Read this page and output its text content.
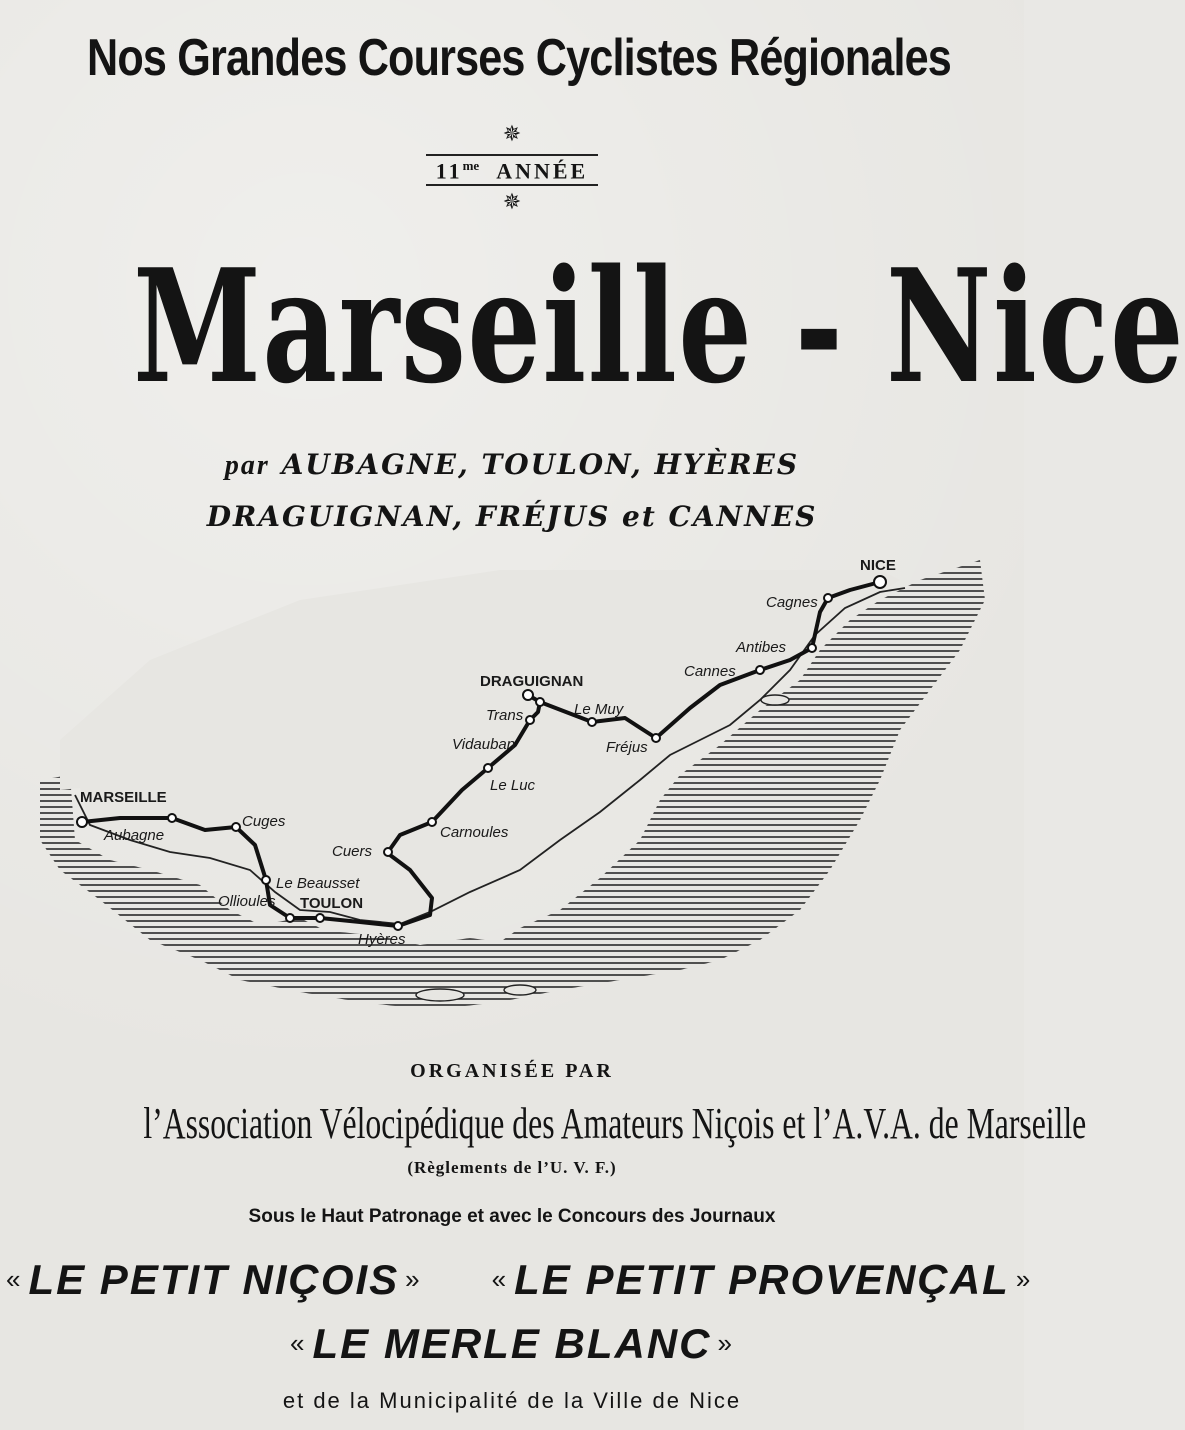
Nos Grandes Courses Cyclistes Régionales
✵
$11^{me}$ ANNÉE
✵
Marseille - Nice
par AUBAGNE, TOULON, HYÈRES
DRAGUIGNAN, FRÉJUS et CANNES
MARSEILLE
Aubagne
Cuges
Le Beausset
Ollioules TOULON
Hyères
Cuers
Carnoules
Le Luc
Vidauban
Trans
DRAGUIGNAN
Le Muy
Fréjus
Cannes
Antibes
Cagnes
NICE
ORGANISÉE PAR
l’Association Vélocipédique des Amateurs Niçois et l’A.V.A. de Marseille
(Règlements de l’U. V. F.)
Sous le Haut Patronage et avec le Concours des Journaux
« LE PETIT NIÇOIS »	« LE PETIT PROVENÇAL »
« LE MERLE BLANC »
et de la Municipalité de la Ville de Nice
